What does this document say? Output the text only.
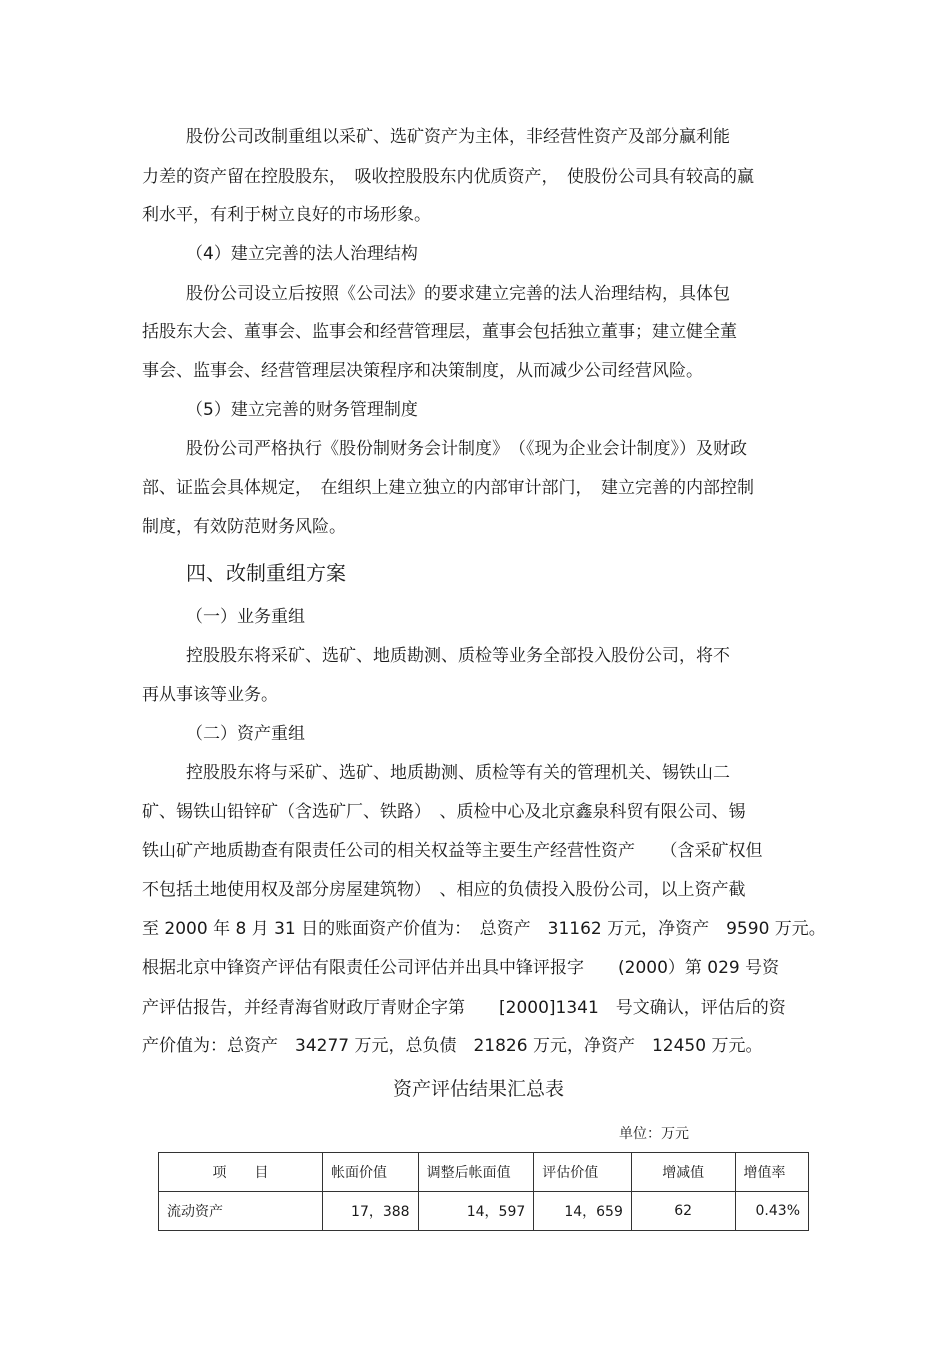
股份公司改制重组以采矿、选矿资产为主体，非经营性资产及部分赢利能
力差的资产留在控股股东，　吸收控股股东内优质资产，　使股份公司具有较高的赢
利水平，有利于树立良好的市场形象。
（4）建立完善的法人治理结构
股份公司设立后按照《公司法》的要求建立完善的法人治理结构，具体包
括股东大会、董事会、监事会和经营管理层，董事会包括独立董事；建立健全董
事会、监事会、经营管理层决策程序和决策制度，从而减少公司经营风险。
（5）建立完善的财务管理制度
股份公司严格执行《股份制财务会计制度》　（《现为企业会计制度》）及财政
部、证监会具体规定，　在组织上建立独立的内部审计部门，　建立完善的内部控制
制度，有效防范财务风险。
四、改制重组方案
（一）业务重组
控股股东将采矿、选矿、地质勘测、质检等业务全部投入股份公司，将不
再从事该等业务。
（二）资产重组
控股股东将与采矿、选矿、地质勘测、质检等有关的管理机关、锡铁山二
矿、锡铁山铅锌矿（含选矿厂、铁路）　、质检中心及北京鑫泉科贸有限公司、锡
铁山矿产地质勘查有限责任公司的相关权益等主要生产经营性资产　　（含采矿权但
不包括土地使用权及部分房屋建筑物）　、相应的负债投入股份公司，以上资产截
至 2000 年 8 月 31 日的账面资产价值为：　总资产　31162 万元，净资产　9590 万元。
根据北京中锋资产评估有限责任公司评估并出具中锋评报字　　(2000）第 029 号资
产评估报告，并经青海省财政厅青财企字第　　[2000]1341　号文确认，评估后的资
产价值为：总资产　34277 万元，总负债　21826 万元，净资产　12450 万元。
资产评估结果汇总表
单位：万元
项　　目	帐面价值	调整后帐面值	评估价值	增减值	增值率
流动资产	17，388	14，597	14，659	62	0.43%
